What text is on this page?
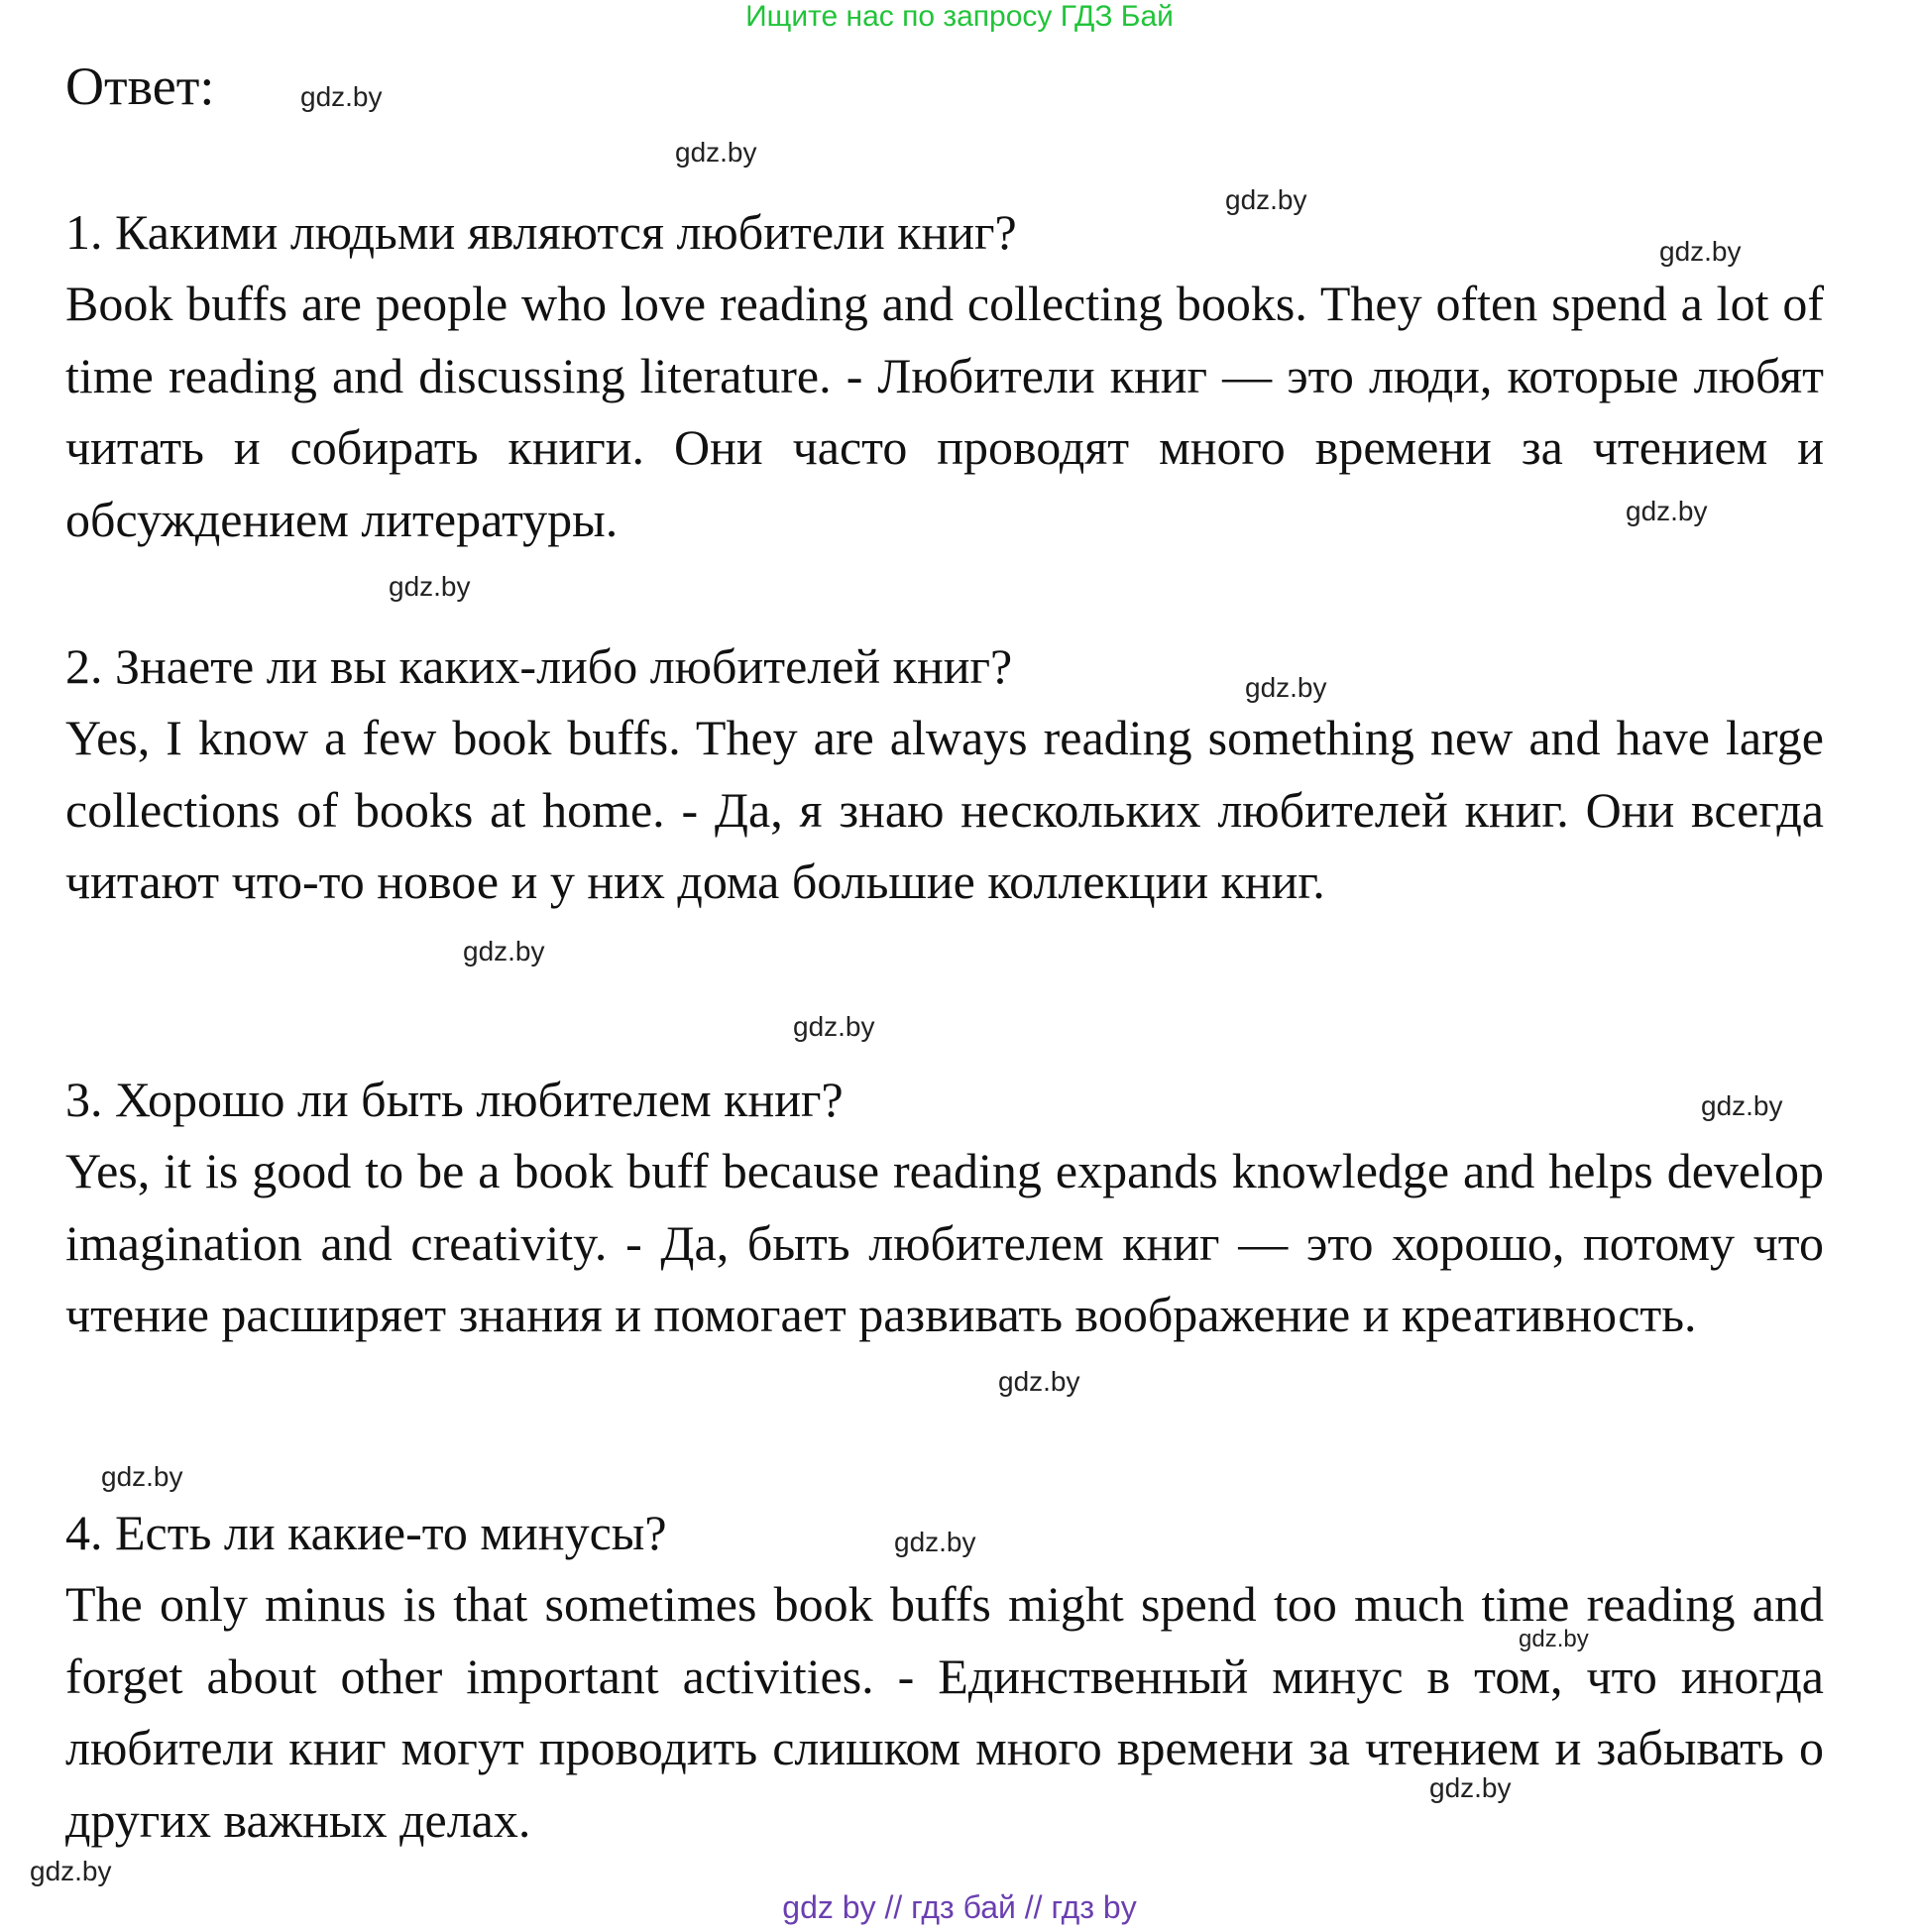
Ищите нас по запросу ГДЗ Бай
Ответ:
1. Какими людьми являются любители книг?
Book buffs are people who love reading and collecting books. They often spend a lot of time reading and discussing literature. - Любители книг — это люди, которые любят читать и собирать книги. Они часто проводят много времени за чтением и обсуждением литературы.
2. Знаете ли вы каких-либо любителей книг?
Yes, I know a few book buffs. They are always reading something new and have large collections of books at home. - Да, я знаю нескольких любителей книг. Они всегда читают что-то новое и у них дома большие коллекции книг.
3. Хорошо ли быть любителем книг?
Yes, it is good to be a book buff because reading expands knowledge and helps develop imagination and creativity. - Да, быть любителем книг — это хорошо, потому что чтение расширяет знания и помогает развивать воображение и креативность.
4. Есть ли какие-то минусы?
The only minus is that sometimes book buffs might spend too much time reading and forget about other important activities. - Единственный минус в том, что иногда любители книг могут проводить слишком много времени за чтением и забывать о других важных делах.
gdz.by
gdz.by
gdz.by
gdz.by
gdz.by
gdz.by
gdz.by
gdz.by
gdz.by
gdz.by
gdz.by
gdz.by
gdz.by
gdz.by
gdz.by
gdz.by
gdz by // гдз бай // гдз by
